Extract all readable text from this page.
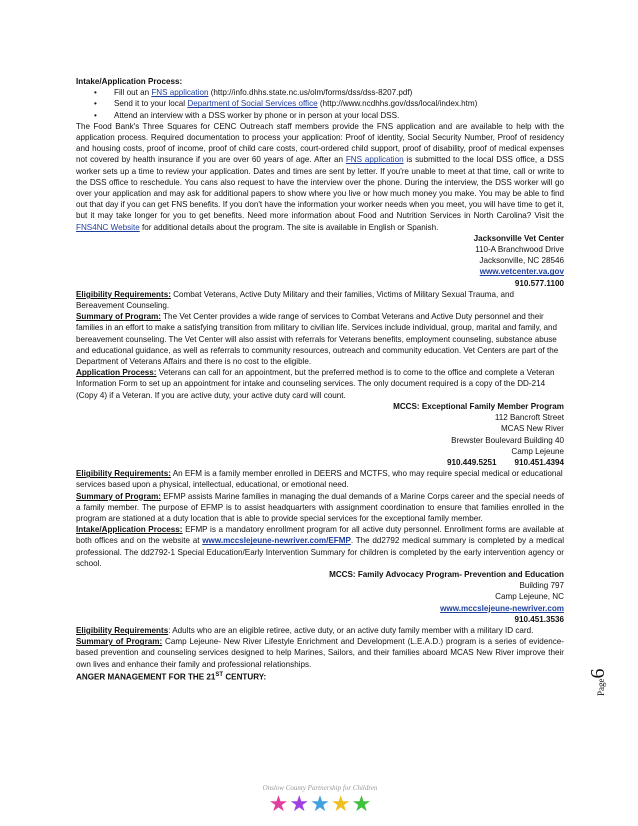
Intake/Application Process:
• Fill out an FNS application (http://info.dhhs.state.nc.us/olm/forms/dss/dss-8207.pdf)
• Send it to your local Department of Social Services office (http://www.ncdhhs.gov/dss/local/index.htm)
• Attend an interview with a DSS worker by phone or in person at your local DSS.

The Food Bank's Three Squares for CENC Outreach staff members provide the FNS application and are available to help with the application process. Required documentation to process your application: Proof of identity, Social Security Number, Proof of residency and housing costs, proof of income, proof of child care costs, court-ordered child support, proof of disability, proof of medical expenses not covered by health insurance if you are over 60 years of age. After an FNS application is submitted to the local DSS office, a DSS worker sets up a time to review your application. Dates and times are sent by letter. If you're unable to meet at that time, call or write to the DSS office to reschedule. You cans also request to have the interview over the phone. During the interview, the DSS worker will go over your application and may ask for additional papers to show where you live or how much money you make. You may be able to find out that day if you can get FNS benefits. If you don't have the information your worker needs when you meet, you will have time to get it, but it may take longer for you to get benefits. Need more information about Food and Nutrition Services in North Carolina? Visit the FNS4NC Website for additional details about the program. The site is available in English or Spanish.

Jacksonville Vet Center
110-A Branchwood Drive
Jacksonville, NC 28546
www.vetcenter.va.gov
910.577.1100

Eligibility Requirements: Combat Veterans, Active Duty Military and their families, Victims of Military Sexual Trauma, and Bereavement Counseling.

Summary of Program: The Vet Center provides a wide range of services to Combat Veterans and Active Duty personnel and their families in an effort to make a satisfying transition from military to civilian life. Services include individual, group, marital and family, and bereavement counseling. The Vet Center will also assist with referrals for Veterans benefits, employment counseling, substance abuse and educational guidance, as well as referrals to community resources, outreach and community education. Vet Centers are part of the Department of Veterans Affairs and there is no cost to the eligible.

Application Process: Veterans can call for an appointment, but the preferred method is to come to the office and complete a Veteran Information Form to set up an appointment for intake and counseling services. The only document required is a copy of the DD-214 (Copy 4) if a Veteran. If you are active duty, your active duty card will count.

MCCS: Exceptional Family Member Program
112 Bancroft Street
MCAS New River
Brewster Boulevard Building 40
Camp Lejeune
910.449.5251 910.451.4394

Eligibility Requirements: An EFM is a family member enrolled in DEERS and MCTFS, who may require special medical or educational services based upon a physical, intellectual, educational, or emotional need.

Summary of Program: EFMP assists Marine families in managing the dual demands of a Marine Corps career and the special needs of a family member. The purpose of EFMP is to assist headquarters with assignment coordination to ensure that families enrolled in the program are stationed at a duty location that is able to provide special services for the exceptional family member.

Intake/Application Process: EFMP is a mandatory enrollment program for all active duty personnel. Enrollment forms are available at both offices and on the website at www.mccslejeune-newriver.com/EFMP. The dd2792 medical summary is completed by a medical professional. The dd2792-1 Special Education/Early Intervention Summary for children is completed by the early intervention agency or school.

MCCS: Family Advocacy Program- Prevention and Education
Building 797
Camp Lejeune, NC
www.mccslejeune-newriver.com
910.451.3536

Eligibility Requirements: Adults who are an eligible retiree, active duty, or an active duty family member with a military ID card.

Summary of Program: Camp Lejeune- New River Lifestyle Enrichment and Development (L.E.A.D.) program is a series of evidence-based prevention and counseling services designed to help Marines, Sailors, and their families aboard MCAS New River improve their own lives and enhance their family and professional relationships.

ANGER MANAGEMENT FOR THE 21ST CENTURY:
Page6
Onslow County Partnership for Children
★ ★ ★ ★ ★
